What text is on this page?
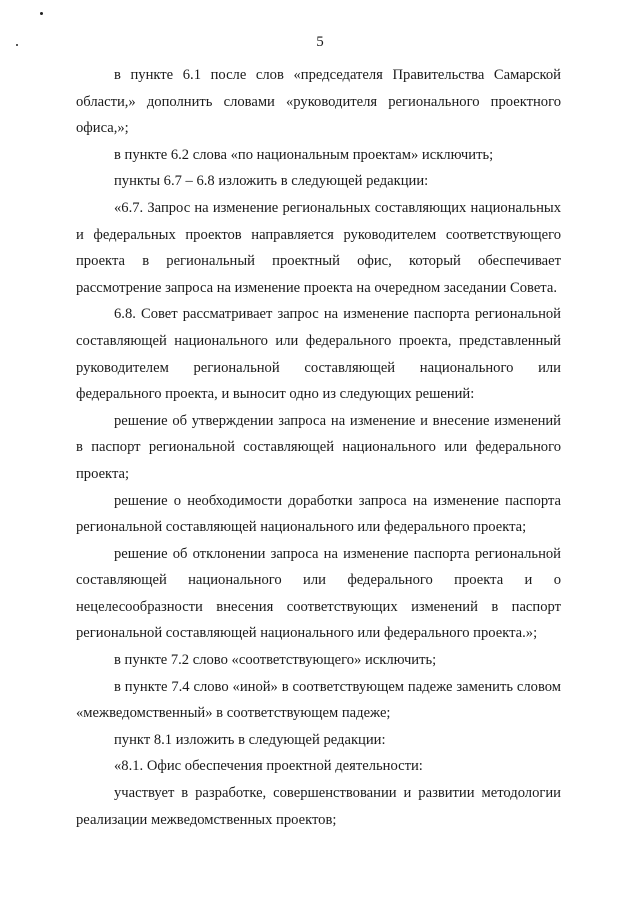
5

в пункте 6.1 после слов «председателя Правительства Самарской области,» дополнить словами «руководителя регионального проектного офиса,»;

в пункте 6.2 слова «по национальным проектам» исключить;

пункты 6.7 – 6.8 изложить в следующей редакции:

«6.7. Запрос на изменение региональных составляющих национальных и федеральных проектов направляется руководителем соответствующего проекта в региональный проектный офис, который обеспечивает рассмотрение запроса на изменение проекта на очередном заседании Совета.

6.8. Совет рассматривает запрос на изменение паспорта региональной составляющей национального или федерального проекта, представленный руководителем региональной составляющей национального или федерального проекта, и выносит одно из следующих решений:

решение об утверждении запроса на изменение и внесение изменений в паспорт региональной составляющей национального или федерального проекта;

решение о необходимости доработки запроса на изменение паспорта региональной составляющей национального или федерального проекта;

решение об отклонении запроса на изменение паспорта региональной составляющей национального или федерального проекта и о нецелесообразности внесения соответствующих изменений в паспорт региональной составляющей национального или федерального проекта.»;

в пункте 7.2 слово «соответствующего» исключить;

в пункте 7.4 слово «иной» в соответствующем падеже заменить словом «межведомственный» в соответствующем падеже;

пункт 8.1 изложить в следующей редакции:

«8.1. Офис обеспечения проектной деятельности:

участвует в разработке, совершенствовании и развитии методологии реализации межведомственных проектов;
